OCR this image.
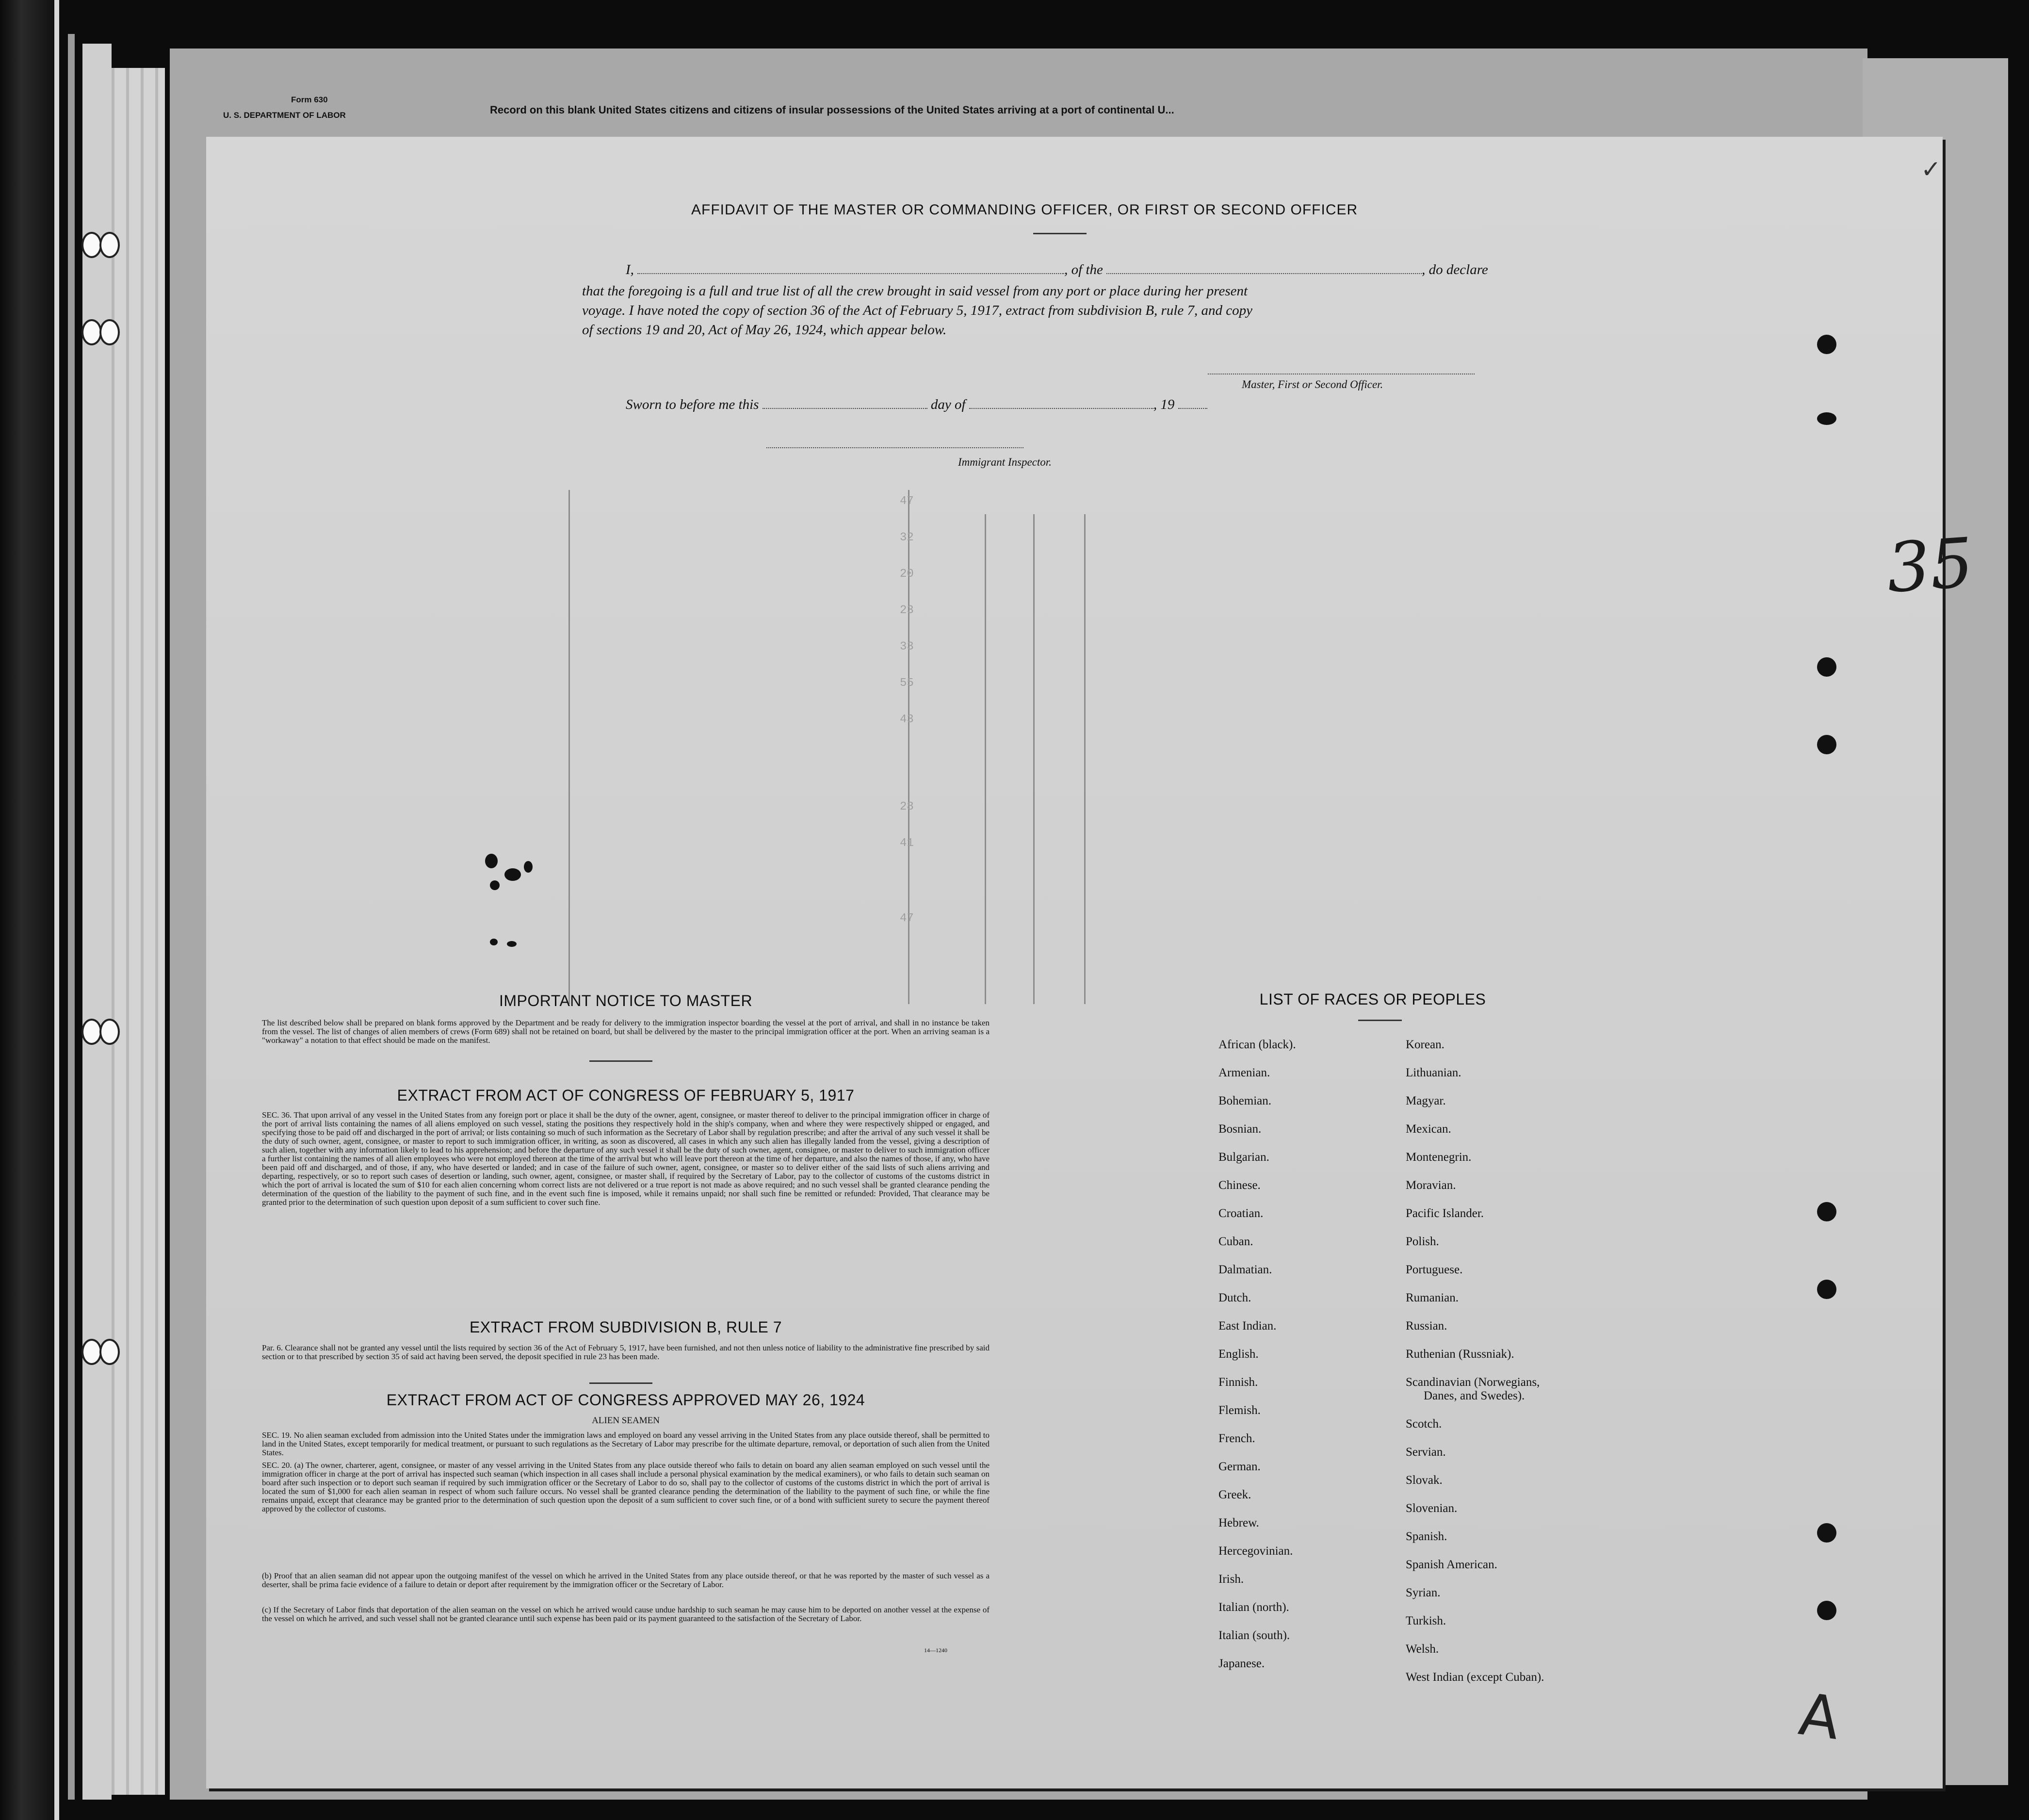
Form 630
U. S. DEPARTMENT OF LABOR	Record on this blank United States citizens and citizens of insular possessions of the United States arriving at a port of continental U...
47
32
20
23
33
55
43
28
41
47
AFFIDAVIT OF THE MASTER OR COMMANDING OFFICER, OR FIRST OR SECOND OFFICER
I,	, of the	, do declare
that the foregoing is a full and true list of all the crew brought in said vessel from any port or place during her present
voyage. I have noted the copy of section 36 of the Act of February 5, 1917, extract from subdivision B, rule 7, and copy
of sections 19 and 20, Act of May 26, 1924, which appear below.
Master, First or Second Officer.
Sworn to before me this	day of	, 19
Immigrant Inspector.
IMPORTANT NOTICE TO MASTER
The list described below shall be prepared on blank forms approved by the Department and be ready for delivery to the immigration inspector boarding the vessel at the port of arrival, and shall in no instance be taken from the vessel. The list of changes of alien members of crews (Form 689) shall not be retained on board, but shall be delivered by the master to the principal immigration officer at the port. When an arriving seaman is a "workaway" a notation to that effect should be made on the manifest.
EXTRACT FROM ACT OF CONGRESS OF FEBRUARY 5, 1917
SEC. 36. That upon arrival of any vessel in the United States from any foreign port or place it shall be the duty of the owner, agent, consignee, or master thereof to deliver to the principal immigration officer in charge of the port of arrival lists containing the names of all aliens employed on such vessel, stating the positions they respectively hold in the ship's company, when and where they were respectively shipped or engaged, and specifying those to be paid off and discharged in the port of arrival; or lists containing so much of such information as the Secretary of Labor shall by regulation prescribe; and after the arrival of any such vessel it shall be the duty of such owner, agent, consignee, or master to report to such immigration officer, in writing, as soon as discovered, all cases in which any such alien has illegally landed from the vessel, giving a description of such alien, together with any information likely to lead to his apprehension; and before the departure of any such vessel it shall be the duty of such owner, agent, consignee, or master to deliver to such immigration officer a further list containing the names of all alien employees who were not employed thereon at the time of the arrival but who will leave port thereon at the time of her departure, and also the names of those, if any, who have been paid off and discharged, and of those, if any, who have deserted or landed; and in case of the failure of such owner, agent, consignee, or master so to deliver either of the said lists of such aliens arriving and departing, respectively, or so to report such cases of desertion or landing, such owner, agent, consignee, or master shall, if required by the Secretary of Labor, pay to the collector of customs of the customs district in which the port of arrival is located the sum of $10 for each alien concerning whom correct lists are not delivered or a true report is not made as above required; and no such vessel shall be granted clearance pending the determination of the question of the liability to the payment of such fine, and in the event such fine is imposed, while it remains unpaid; nor shall such fine be remitted or refunded: Provided, That clearance may be granted prior to the determination of such question upon deposit of a sum sufficient to cover such fine.
EXTRACT FROM SUBDIVISION B, RULE 7
Par. 6. Clearance shall not be granted any vessel until the lists required by section 36 of the Act of February 5, 1917, have been furnished, and not then unless notice of liability to the administrative fine prescribed by said section or to that prescribed by section 35 of said act having been served, the deposit specified in rule 23 has been made.
EXTRACT FROM ACT OF CONGRESS APPROVED MAY 26, 1924
ALIEN SEAMEN
SEC. 19. No alien seaman excluded from admission into the United States under the immigration laws and employed on board any vessel arriving in the United States from any place outside thereof, shall be permitted to land in the United States, except temporarily for medical treatment, or pursuant to such regulations as the Secretary of Labor may prescribe for the ultimate departure, removal, or deportation of such alien from the United States.
SEC. 20. (a) The owner, charterer, agent, consignee, or master of any vessel arriving in the United States from any place outside thereof who fails to detain on board any alien seaman employed on such vessel until the immigration officer in charge at the port of arrival has inspected such seaman (which inspection in all cases shall include a personal physical examination by the medical examiners), or who fails to detain such seaman on board after such inspection or to deport such seaman if required by such immigration officer or the Secretary of Labor to do so, shall pay to the collector of customs of the customs district in which the port of arrival is located the sum of $1,000 for each alien seaman in respect of whom such failure occurs. No vessel shall be granted clearance pending the determination of the liability to the payment of such fine, or while the fine remains unpaid, except that clearance may be granted prior to the determination of such question upon the deposit of a sum sufficient to cover such fine, or of a bond with sufficient surety to secure the payment thereof approved by the collector of customs.
(b) Proof that an alien seaman did not appear upon the outgoing manifest of the vessel on which he arrived in the United States from any place outside thereof, or that he was reported by the master of such vessel as a deserter, shall be prima facie evidence of a failure to detain or deport after requirement by the immigration officer or the Secretary of Labor.
(c) If the Secretary of Labor finds that deportation of the alien seaman on the vessel on which he arrived would cause undue hardship to such seaman he may cause him to be deported on another vessel at the expense of the vessel on which he arrived, and such vessel shall not be granted clearance until such expense has been paid or its payment guaranteed to the satisfaction of the Secretary of Labor.
14—1240
LIST OF RACES OR PEOPLES
African (black).
Armenian.
Bohemian.
Bosnian.
Bulgarian.
Chinese.
Croatian.
Cuban.
Dalmatian.
Dutch.
East Indian.
English.
Finnish.
Flemish.
French.
German.
Greek.
Hebrew.
Hercegovinian.
Irish.
Italian (north).
Italian (south).
Japanese.
Korean.
Lithuanian.
Magyar.
Mexican.
Montenegrin.
Moravian.
Pacific Islander.
Polish.
Portuguese.
Rumanian.
Russian.
Ruthenian (Russniak).
Scandinavian (Norwegians,
Danes, and Swedes).
Scotch.
Servian.
Slovak.
Slovenian.
Spanish.
Spanish American.
Syrian.
Turkish.
Welsh.
West Indian (except Cuban).
35
✓
A
